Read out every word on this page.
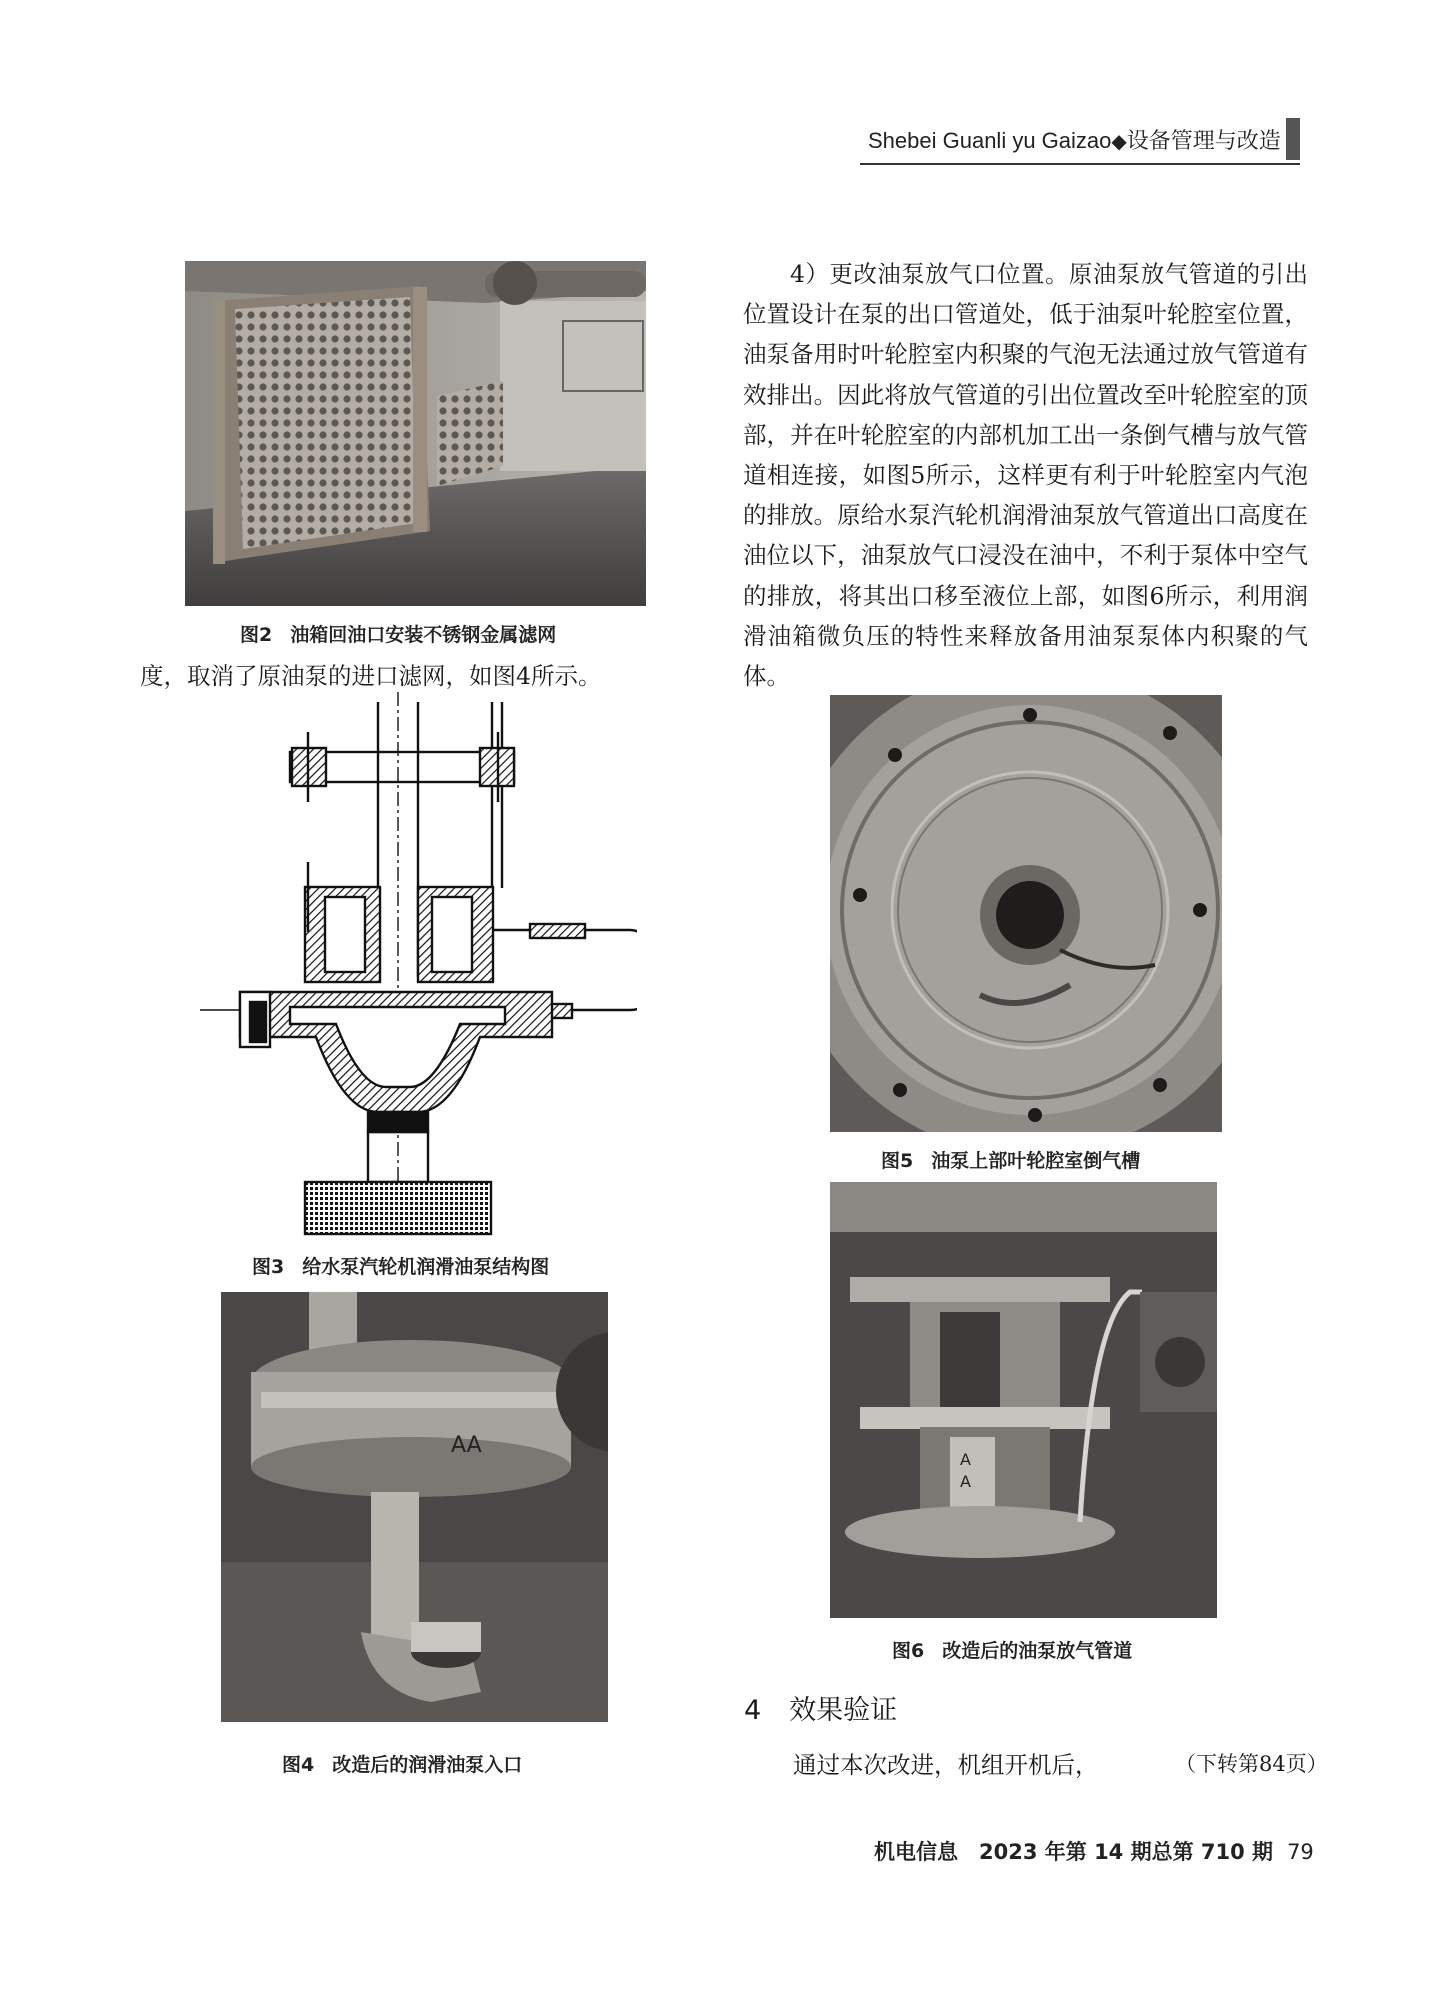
Shebei Guanli yu Gaizao◆设备管理与改造
图2 油箱回油口安装不锈钢金属滤网
度，取消了原油泵的进口滤网，如图4所示。
图3 给水泵汽轮机润滑油泵结构图
AA
图4 改造后的润滑油泵入口
4）更改油泵放气口位置。原油泵放气管道的引出位置设计在泵的出口管道处，低于油泵叶轮腔室位置，油泵备用时叶轮腔室内积聚的气泡无法通过放气管道有效排出。因此将放气管道的引出位置改至叶轮腔室的顶部，并在叶轮腔室的内部机加工出一条倒气槽与放气管道相连接，如图5所示，这样更有利于叶轮腔室内气泡的排放。原给水泵汽轮机润滑油泵放气管道出口高度在油位以下，油泵放气口浸没在油中，不利于泵体中空气的排放，将其出口移至液位上部，如图6所示，利用润滑油箱微负压的特性来释放备用油泵泵体内积聚的气体。
图5 油泵上部叶轮腔室倒气槽
A
A
图6 改造后的油泵放气管道
4 效果验证
通过本次改进，机组开机后，	（下转第84页）
机电信息　2023 年第 14 期总第 710 期 79
